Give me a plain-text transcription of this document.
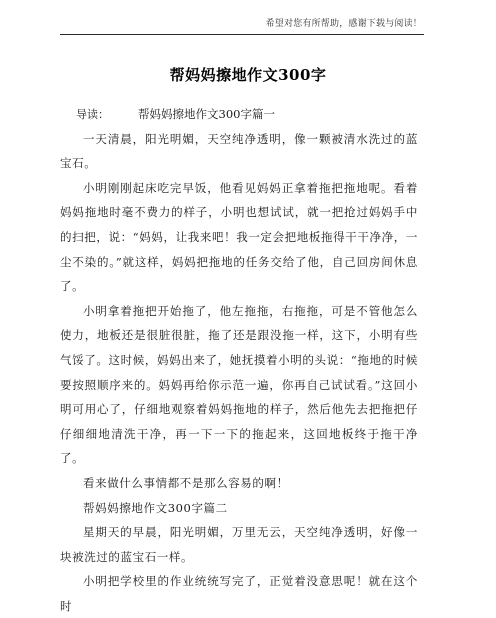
希望对您有所帮助，感谢下载与阅读！
帮妈妈擦地作文300字
导读：	帮妈妈擦地作文300字篇一

一天清晨，阳光明媚，天空纯净透明，像一颗被清水洗过的蓝宝石。

小明刚刚起床吃完早饭，他看见妈妈正拿着拖把拖地呢。看着妈妈拖地时毫不费力的样子，小明也想试试，就一把抢过妈妈手中的扫把，说：“妈妈，让我来吧！我一定会把地板拖得干干净净，一尘不染的。”就这样，妈妈把拖地的任务交给了他，自己回房间休息了。

小明拿着拖把开始拖了，他左拖拖，右拖拖，可是不管他怎么使力，地板还是很脏很脏，拖了还是跟没拖一样，这下，小明有些气馁了。这时候，妈妈出来了，她抚摸着小明的头说：“拖地的时候要按照顺序来的。妈妈再给你示范一遍，你再自己试试看。”这回小明可用心了，仔细地观察着妈妈拖地的样子，然后他先去把拖把仔仔细细地清洗干净，再一下一下的拖起来，这回地板终于拖干净了。

看来做什么事情都不是那么容易的啊！

帮妈妈擦地作文300字篇二

星期天的早晨，阳光明媚，万里无云，天空纯净透明，好像一块被洗过的蓝宝石一样。

小明把学校里的作业统统写完了，正觉着没意思呢！就在这个时
